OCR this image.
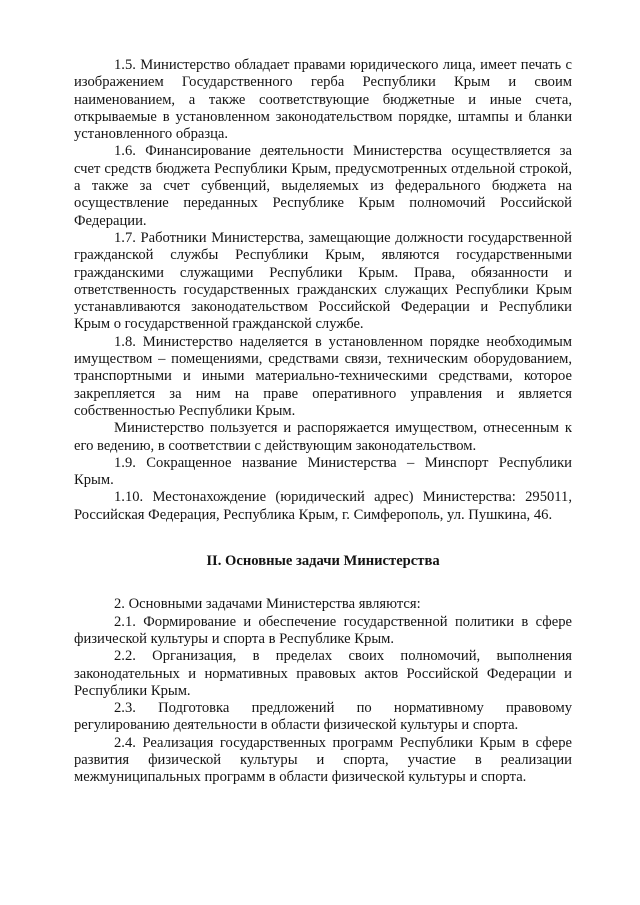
1.5. Министерство обладает правами юридического лица, имеет печать с изображением Государственного герба Республики Крым и своим наименованием, а также соответствующие бюджетные и иные счета, открываемые в установленном законодательством порядке, штампы и бланки установленного образца.

1.6. Финансирование деятельности Министерства осуществляется за счет средств бюджета Республики Крым, предусмотренных отдельной строкой, а также за счет субвенций, выделяемых из федерального бюджета на осуществление переданных Республике Крым полномочий Российской Федерации.

1.7. Работники Министерства, замещающие должности государственной гражданской службы Республики Крым, являются государственными гражданскими служащими Республики Крым. Права, обязанности и ответственность государственных гражданских служащих Республики Крым устанавливаются законодательством Российской Федерации и Республики Крым о государственной гражданской службе.

1.8. Министерство наделяется в установленном порядке необходимым имуществом – помещениями, средствами связи, техническим оборудованием, транспортными и иными материально-техническими средствами, которое закрепляется за ним на праве оперативного управления и является собственностью Республики Крым.

Министерство пользуется и распоряжается имуществом, отнесенным к его ведению, в соответствии с действующим законодательством.

1.9. Сокращенное название Министерства – Минспорт Республики Крым.

1.10. Местонахождение (юридический адрес) Министерства: 295011, Российская Федерация, Республика Крым, г. Симферополь, ул. Пушкина, 46.

II. Основные задачи Министерства

2. Основными задачами Министерства являются:

2.1. Формирование и обеспечение государственной политики в сфере физической культуры и спорта в Республике Крым.

2.2. Организация, в пределах своих полномочий, выполнения законодательных и нормативных правовых актов Российской Федерации и Республики Крым.

2.3. Подготовка предложений по нормативному правовому регулированию деятельности в области физической культуры и спорта.

2.4. Реализация государственных программ Республики Крым в сфере развития физической культуры и спорта, участие в реализации межмуниципальных программ в области физической культуры и спорта.
